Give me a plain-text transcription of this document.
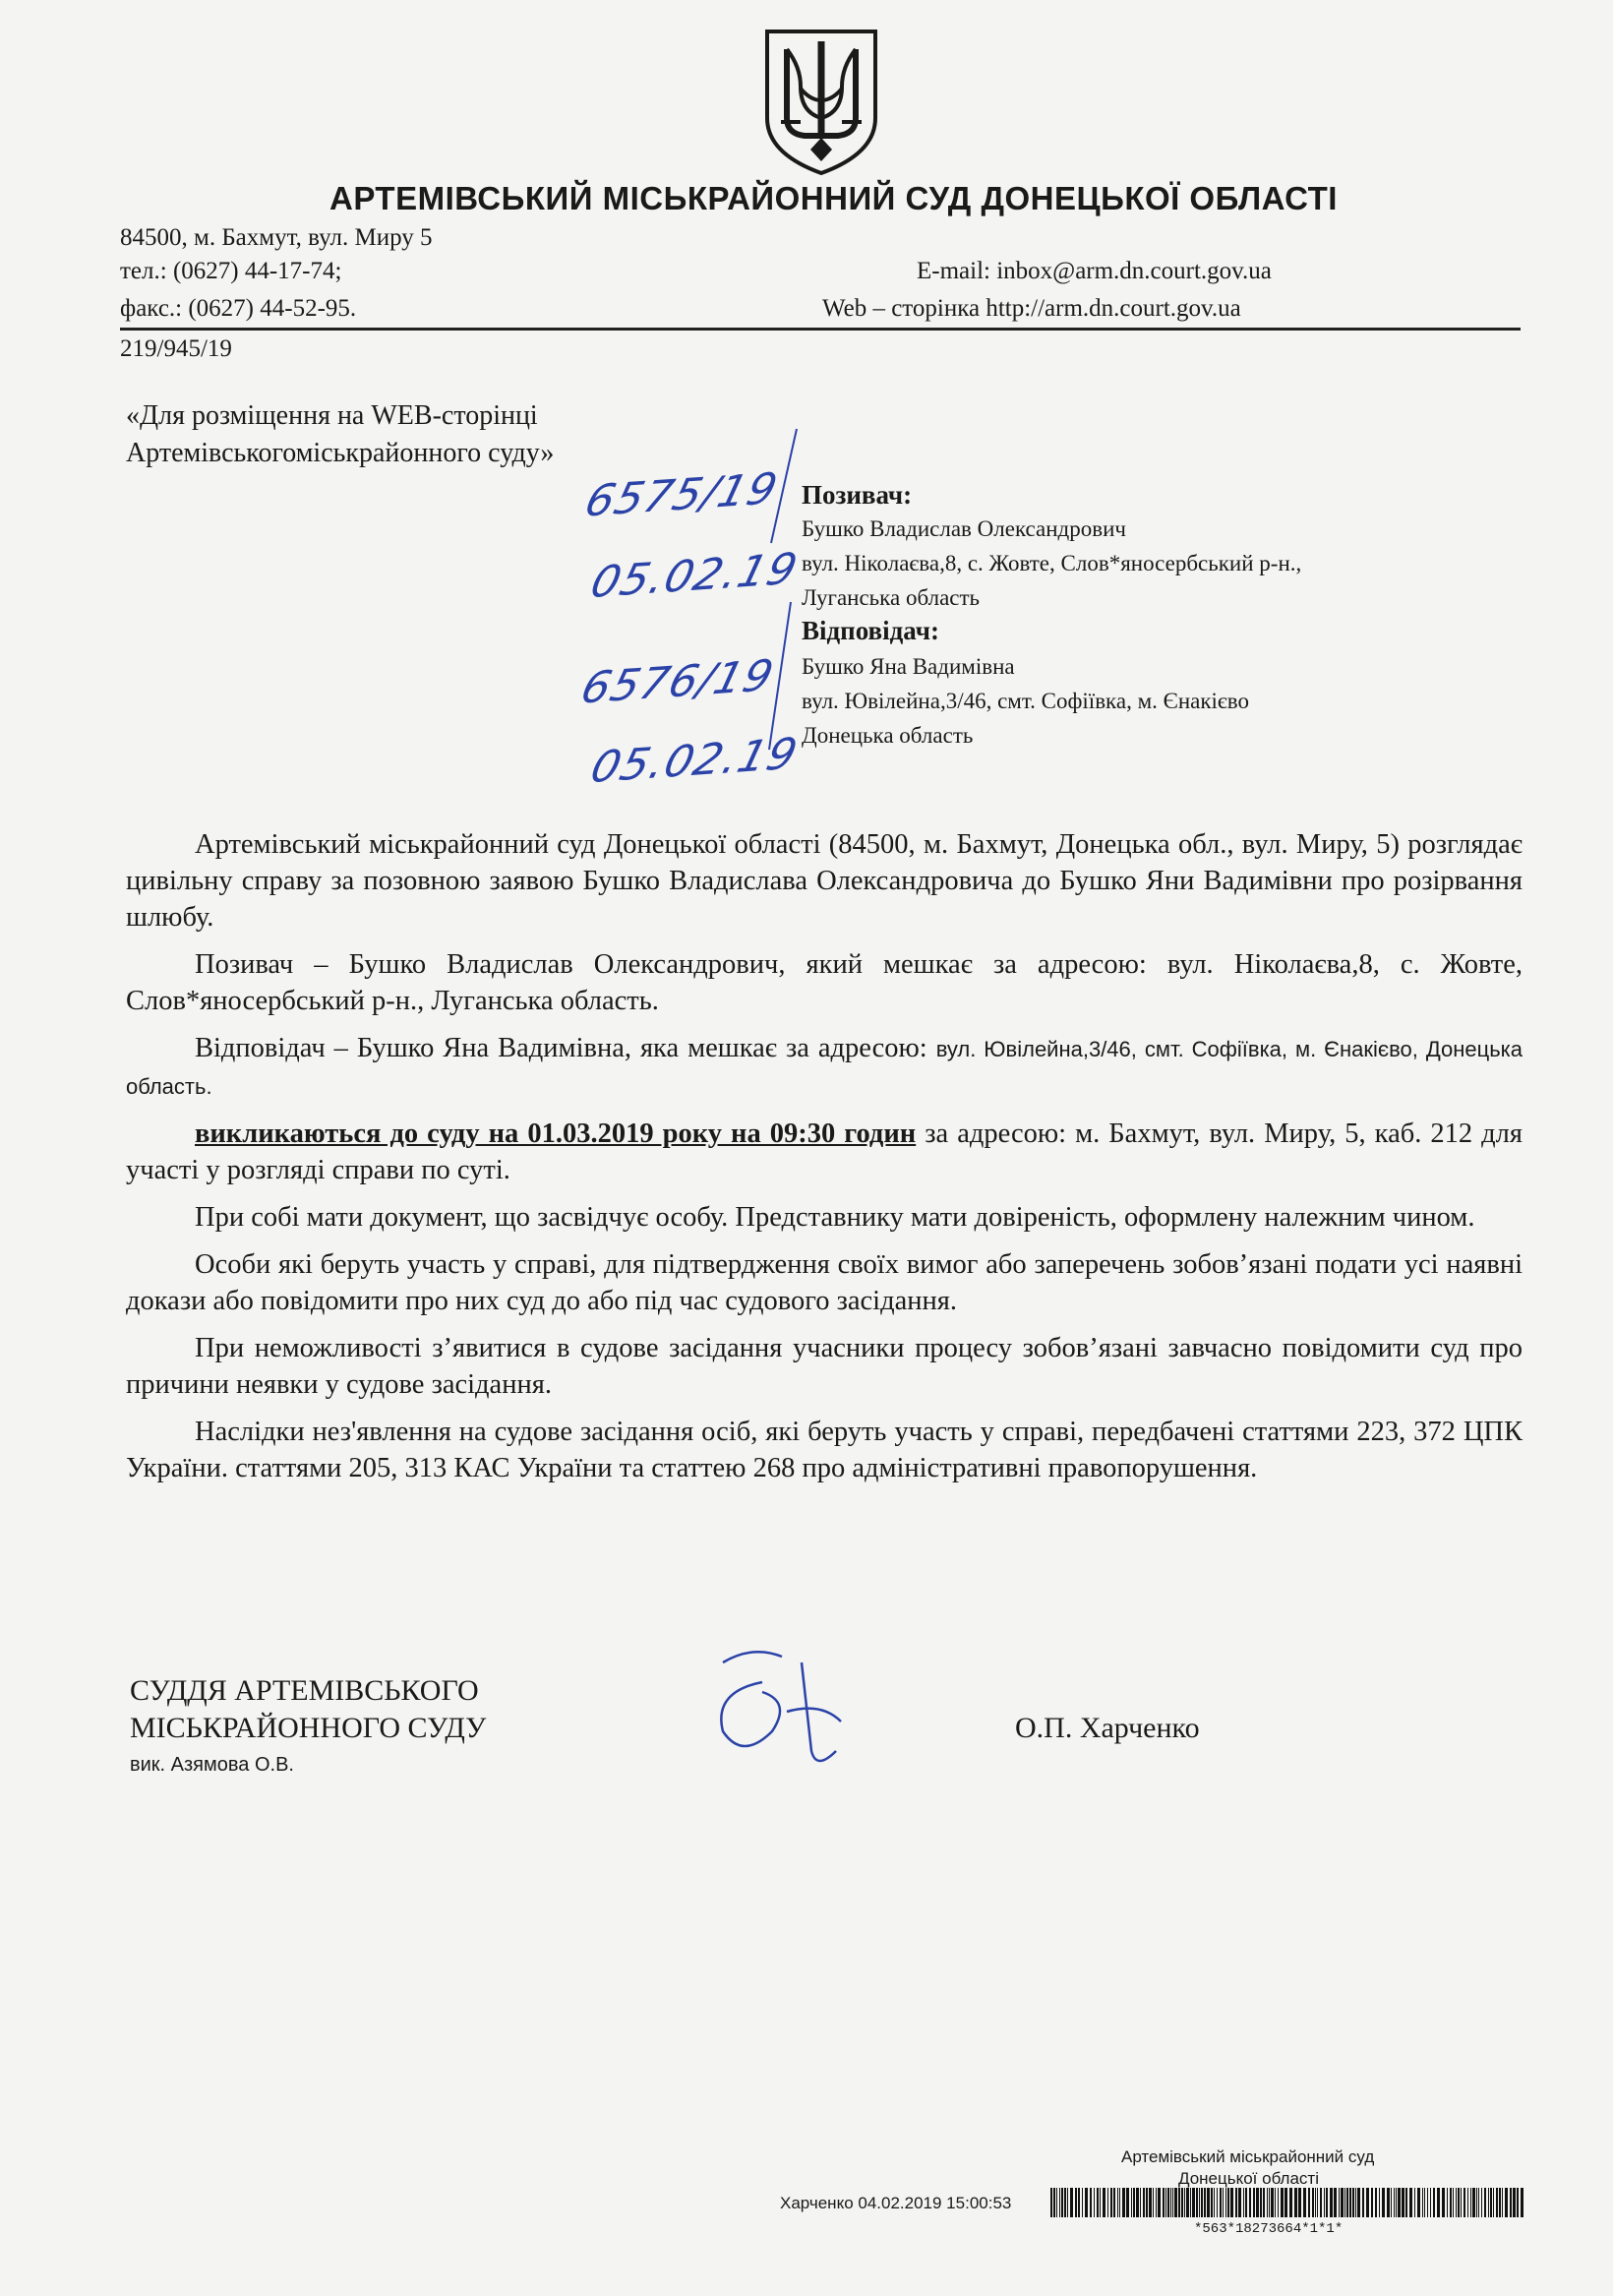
АРТЕМІВСЬКИЙ МІСЬКРАЙОННИЙ СУД ДОНЕЦЬКОЇ ОБЛАСТІ
84500, м. Бахмут, вул. Миру 5
тел.: (0627) 44-17-74;
факс.: (0627) 44-52-95.
E-mail: inbox@arm.dn.court.gov.ua
Web – сторінка http://arm.dn.court.gov.ua
219/945/19
«Для розміщення на WEB-сторінці
Артемівськогоміськрайонного суду»
6575/19
05.02.19
6576/19
05.02.19
Позивач:
Бушко Владислав Олександрович
вул. Ніколаєва,8, с. Жовте, Слов*яносербський р-н.,
Луганська область
Відповідач:
Бушко Яна Вадимівна
вул. Ювілейна,3/46, смт. Софіївка, м. Єнакієво
Донецька область

Артемівський міськрайонний суд Донецької області (84500, м. Бахмут, Донецька обл., вул. Миру, 5) розглядає цивільну справу за позовною заявою Бушко Владислава Олександровича до Бушко Яни Вадимівни про розірвання шлюбу.

Позивач – Бушко Владислав Олександрович, який мешкає за адресою: вул. Ніколаєва,8, с. Жовте, Слов*яносербський р-н., Луганська область.

Відповідач – Бушко Яна Вадимівна, яка мешкає за адресою: вул. Ювілейна,3/46, смт. Софіївка, м. Єнакієво, Донецька область.

викликаються до суду на 01.03.2019 року на 09:30 годин за адресою: м. Бахмут, вул. Миру, 5, каб. 212 для участі у розгляді справи по суті.

При собі мати документ, що засвідчує особу. Представнику мати довіреність, оформлену належним чином.

Особи які беруть участь у справі, для підтвердження своїх вимог або заперечень зобов’язані подати усі наявні докази або повідомити про них суд до або під час судового засідання.

При неможливості з’явитися в судове засідання учасники процесу зобов’язані завчасно повідомити суд про причини неявки у судове засідання.

Наслідки нез'явлення на судове засідання осіб, які беруть участь у справі, передбачені статтями 223, 372 ЦПК України. статтями 205, 313 КАС України та статтею 268 про адміністративні правопорушення.

СУДДЯ АРТЕМІВСЬКОГО
МІСЬКРАЙОННОГО СУДУ
вик. Азямова О.В.
О.П. Харченко
Артемівський міськрайонний суд
Донецької області
Харченко 04.02.2019 15:00:53
*563*18273664*1*1*
